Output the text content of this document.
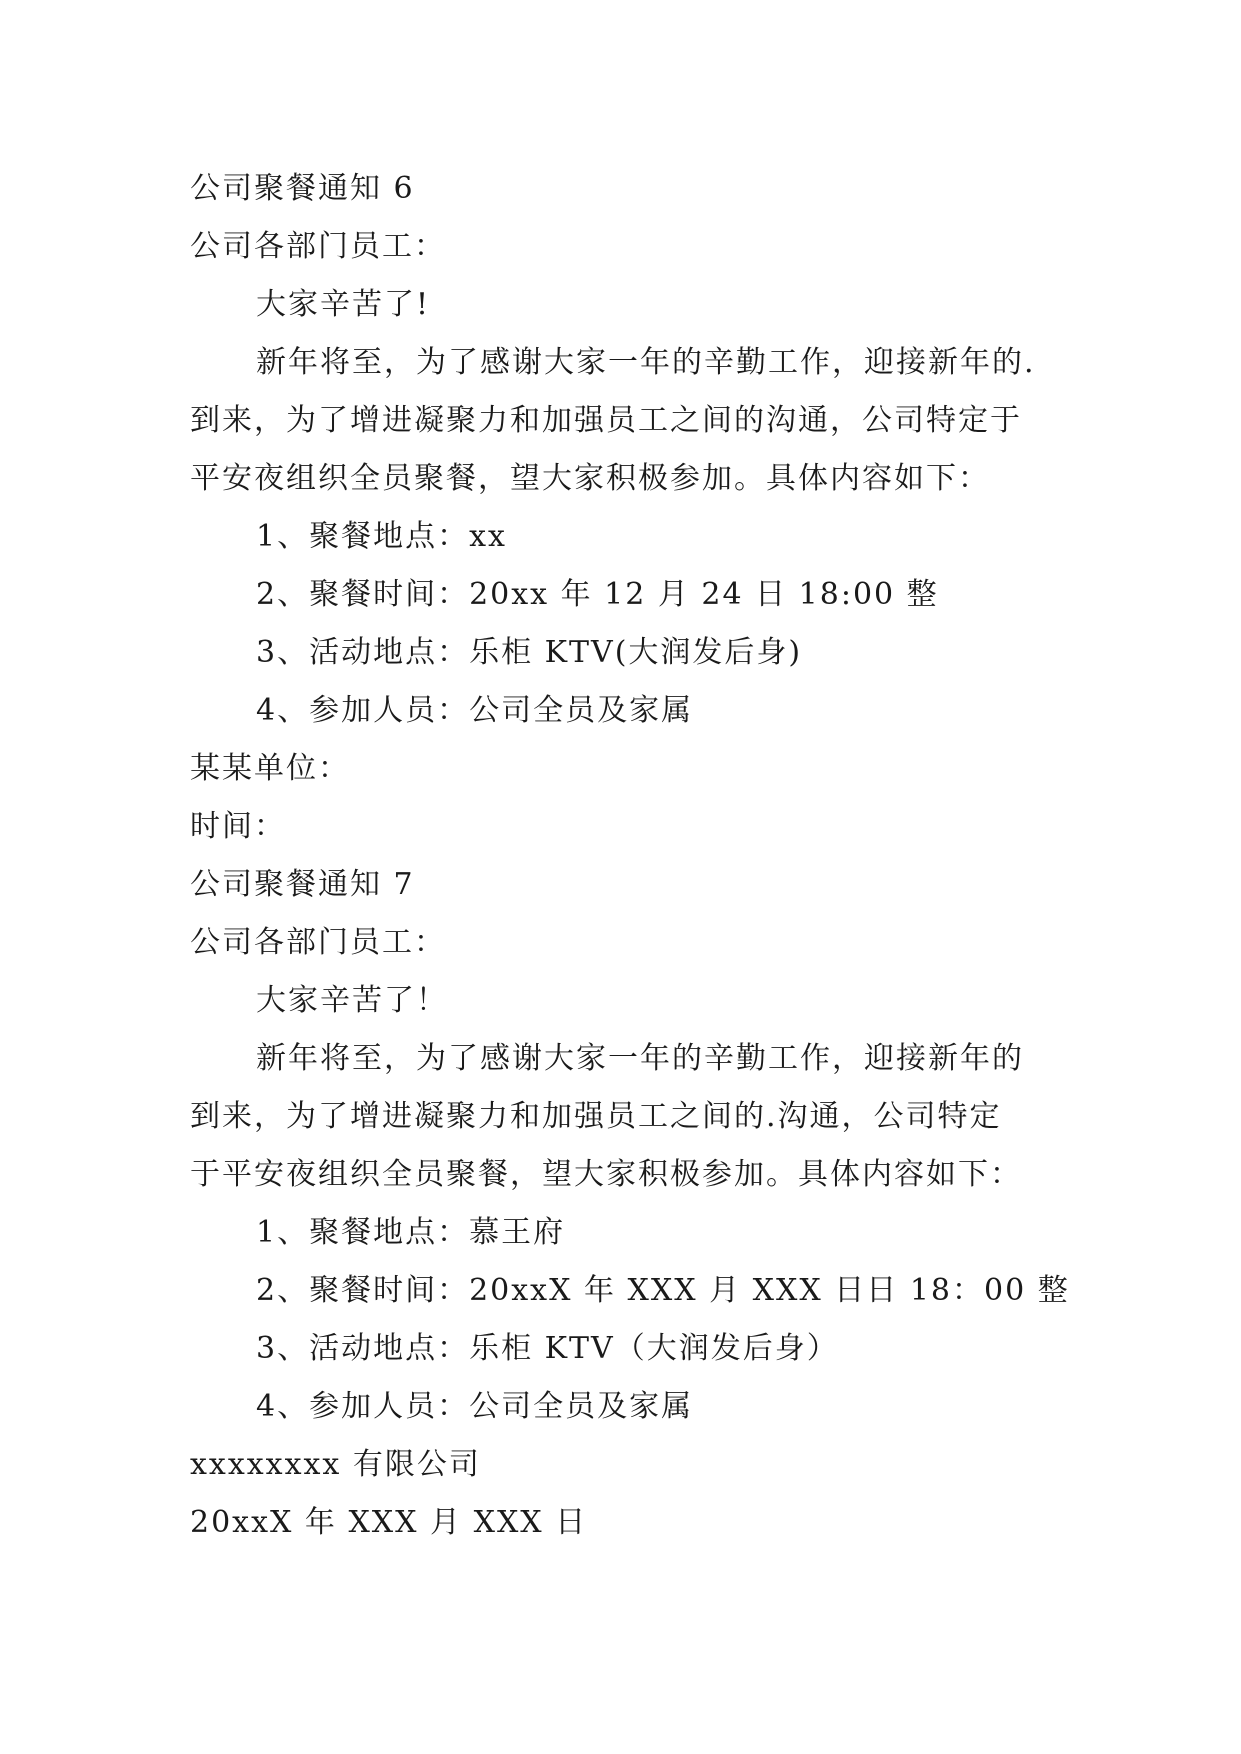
公司聚餐通知 6
公司各部门员工：
大家辛苦了!
新年将至，为了感谢大家一年的辛勤工作，迎接新年的.
到来，为了增进凝聚力和加强员工之间的沟通，公司特定于
平安夜组织全员聚餐，望大家积极参加。具体内容如下：
1、聚餐地点：xx
2、聚餐时间：20xx 年 12 月 24 日 18:00 整
3、活动地点：乐柜 KTV(大润发后身)
4、参加人员：公司全员及家属
某某单位：
时间：
公司聚餐通知 7
公司各部门员工：
大家辛苦了！
新年将至，为了感谢大家一年的辛勤工作，迎接新年的
到来，为了增进凝聚力和加强员工之间的.沟通，公司特定
于平安夜组织全员聚餐，望大家积极参加。具体内容如下：
1、聚餐地点：慕王府
2、聚餐时间：20xxX 年 XXX 月 XXX 日日 18：00 整
3、活动地点：乐柜 KTV（大润发后身）
4、参加人员：公司全员及家属
xxxxxxxx 有限公司
20xxX 年 XXX 月 XXX 日
